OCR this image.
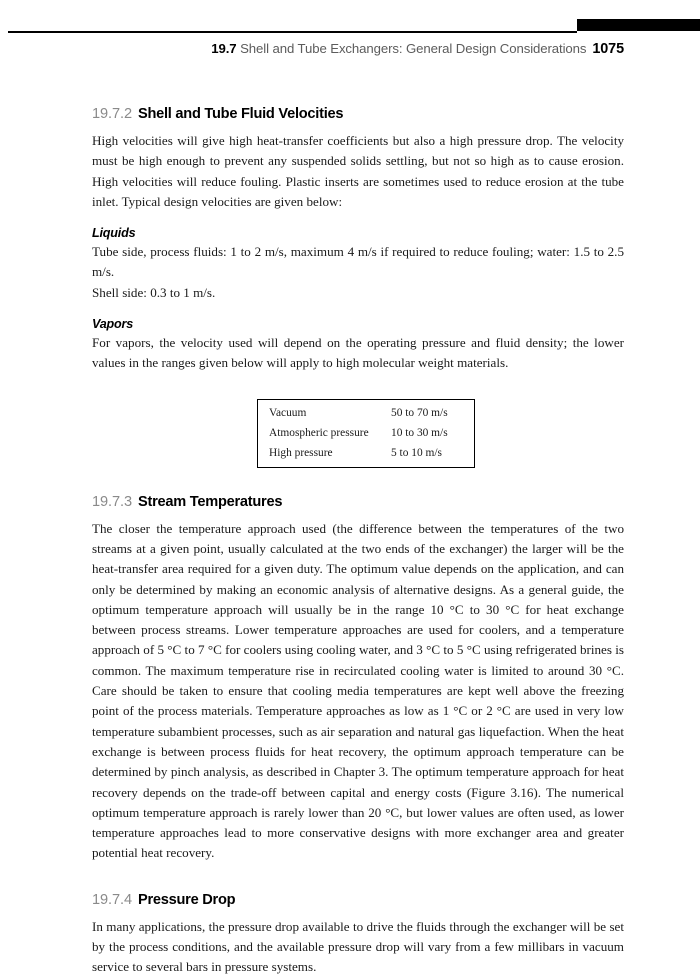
19.7 Shell and Tube Exchangers: General Design Considerations 1075
19.7.2 Shell and Tube Fluid Velocities

High velocities will give high heat-transfer coefficients but also a high pressure drop. The velocity must be high enough to prevent any suspended solids settling, but not so high as to cause erosion. High velocities will reduce fouling. Plastic inserts are sometimes used to reduce erosion at the tube inlet. Typical design velocities are given below:

Liquids

Tube side, process fluids: 1 to 2 m/s, maximum 4 m/s if required to reduce fouling; water: 1.5 to 2.5 m/s.

Shell side: 0.3 to 1 m/s.

Vapors

For vapors, the velocity used will depend on the operating pressure and fluid density; the lower values in the ranges given below will apply to high molecular weight materials.

Vacuum	50 to 70 m/s
Atmospheric pressure	10 to 30 m/s
High pressure	5 to 10 m/s
19.7.3 Stream Temperatures

The closer the temperature approach used (the difference between the temperatures of the two streams at a given point, usually calculated at the two ends of the exchanger) the larger will be the heat-transfer area required for a given duty. The optimum value depends on the application, and can only be determined by making an economic analysis of alternative designs. As a general guide, the optimum temperature approach will usually be in the range 10 °C to 30 °C for heat exchange between process streams. Lower temperature approaches are used for coolers, and a temperature approach of 5 °C to 7 °C for coolers using cooling water, and 3 °C to 5 °C using refrigerated brines is common. The maximum temperature rise in recirculated cooling water is limited to around 30 °C. Care should be taken to ensure that cooling media temperatures are kept well above the freezing point of the process materials. Temperature approaches as low as 1 °C or 2 °C are used in very low temperature subambient processes, such as air separation and natural gas liquefaction. When the heat exchange is between process fluids for heat recovery, the optimum approach temperature can be determined by pinch analysis, as described in Chapter 3. The optimum temperature approach for heat recovery depends on the trade-off between capital and energy costs (Figure 3.16). The numerical optimum temperature approach is rarely lower than 20 °C, but lower values are often used, as lower temperature approaches lead to more conservative designs with more exchanger area and greater potential heat recovery.

19.7.4 Pressure Drop

In many applications, the pressure drop available to drive the fluids through the exchanger will be set by the process conditions, and the available pressure drop will vary from a few millibars in vacuum service to several bars in pressure systems.
